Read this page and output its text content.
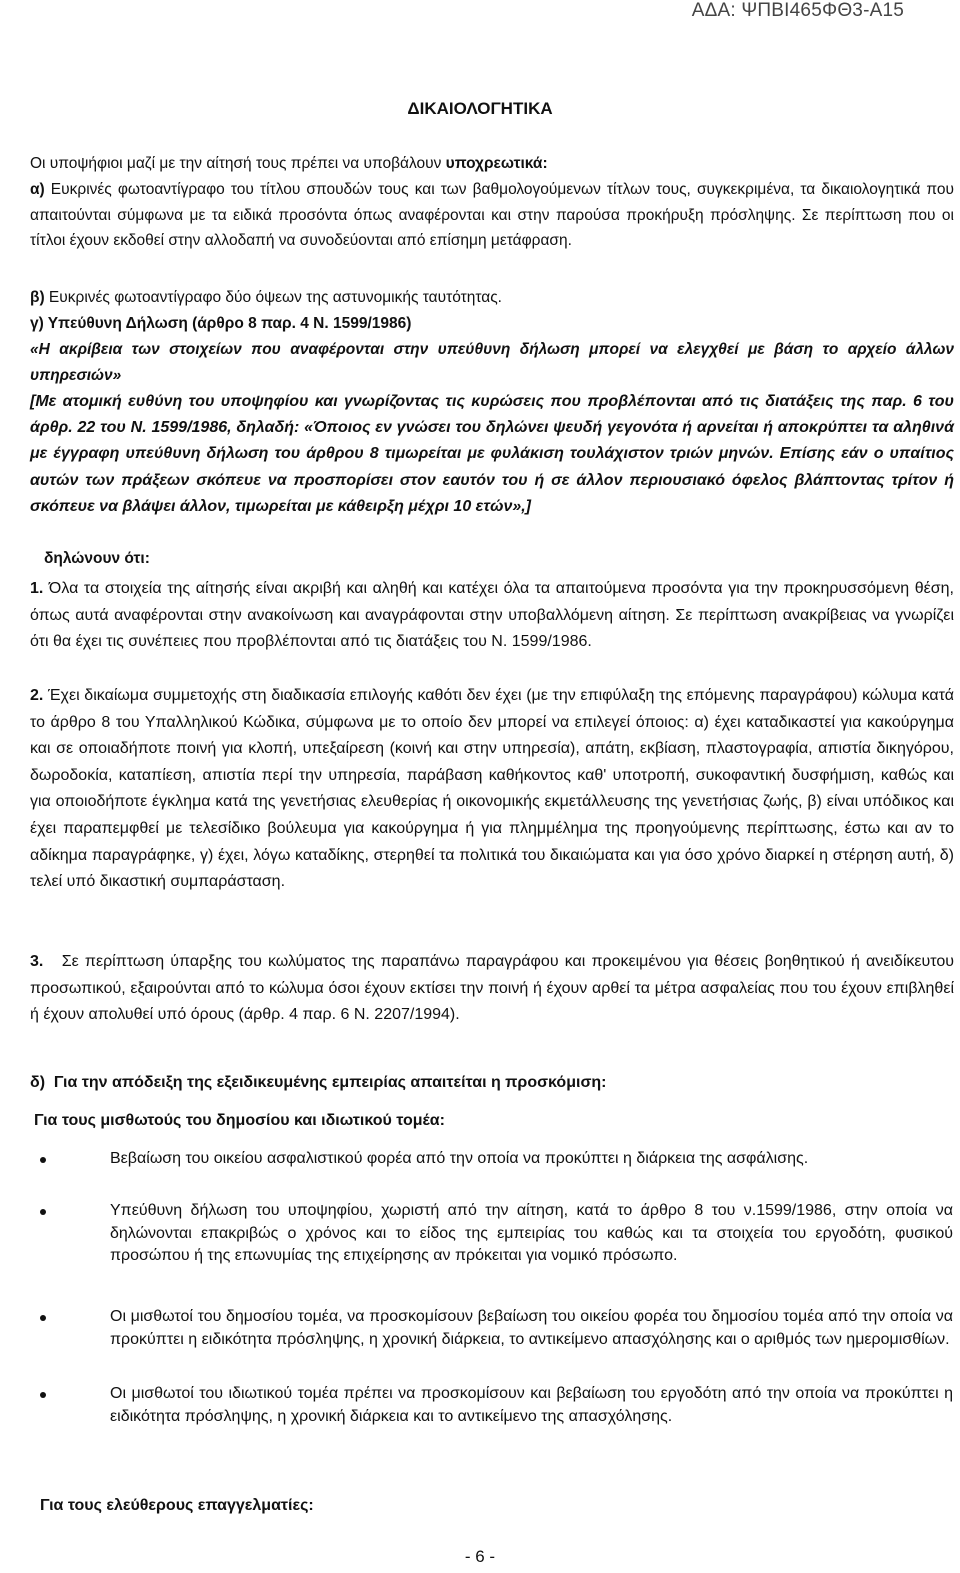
ΑΔΑ: ΨΠΒΙ465ΦΘ3-Α15
ΔΙΚΑΙΟΛΟΓΗΤΙΚΑ
Οι υποψήφιοι μαζί με την αίτησή τους πρέπει να υποβάλουν υποχρεωτικά:
α) Ευκρινές φωτοαντίγραφο του τίτλου σπουδών τους και των βαθμολογούμενων τίτλων τους, συγκεκριμένα, τα δικαιολογητικά που απαιτούνται σύμφωνα με τα ειδικά προσόντα όπως αναφέρονται και στην παρούσα προκήρυξη πρόσληψης. Σε περίπτωση που οι τίτλοι έχουν εκδοθεί στην αλλοδαπή να συνοδεύονται από επίσημη μετάφραση.
β) Ευκρινές φωτοαντίγραφο δύο όψεων της αστυνομικής ταυτότητας.
γ) Υπεύθυνη Δήλωση (άρθρο 8 παρ. 4 Ν. 1599/1986)
«Η ακρίβεια των στοιχείων που αναφέρονται στην υπεύθυνη δήλωση μπορεί να ελεγχθεί με βάση το αρχείο άλλων υπηρεσιών»
[Με ατομική ευθύνη του υποψηφίου και γνωρίζοντας τις κυρώσεις που προβλέπονται από τις διατάξεις της παρ. 6 του άρθρ. 22 του Ν. 1599/1986, δηλαδή: «Όποιος εν γνώσει του δηλώνει ψευδή γεγονότα ή αρνείται ή αποκρύπτει τα αληθινά με έγγραφη υπεύθυνη δήλωση του άρθρου 8 τιμωρείται με φυλάκιση τουλάχιστον τριών μηνών. Επίσης εάν ο υπαίτιος αυτών των πράξεων σκόπευε να προσπορίσει στον εαυτόν του ή σε άλλον περιουσιακό όφελος βλάπτοντας τρίτον ή σκόπευε να βλάψει άλλον, τιμωρείται με κάθειρξη μέχρι 10 ετών»,]
δηλώνουν ότι:
1. Όλα τα στοιχεία της αίτησής είναι ακριβή και αληθή και κατέχει όλα τα απαιτούμενα προσόντα για την προκηρυσσόμενη θέση, όπως αυτά αναφέρονται στην ανακοίνωση και αναγράφονται στην υποβαλλόμενη αίτηση. Σε περίπτωση ανακρίβειας να γνωρίζει ότι θα έχει τις συνέπειες που προβλέπονται από τις διατάξεις του Ν. 1599/1986.
2. Έχει δικαίωμα συμμετοχής στη διαδικασία επιλογής καθότι δεν έχει (με την επιφύλαξη της επόμενης παραγράφου) κώλυμα κατά το άρθρο 8 του Υπαλληλικού Κώδικα, σύμφωνα με το οποίο δεν μπορεί να επιλεγεί όποιος: α) έχει καταδικαστεί για κακούργημα και σε οποιαδήποτε ποινή για κλοπή, υπεξαίρεση (κοινή και στην υπηρεσία), απάτη, εκβίαση, πλαστογραφία, απιστία δικηγόρου, δωροδοκία, καταπίεση, απιστία περί την υπηρεσία, παράβαση καθήκοντος καθ' υποτροπή, συκοφαντική δυσφήμιση, καθώς και για οποιοδήποτε έγκλημα κατά της γενετήσιας ελευθερίας ή οικονομικής εκμετάλλευσης της γενετήσιας ζωής, β) είναι υπόδικος και έχει παραπεμφθεί με τελεσίδικο βούλευμα για κακούργημα ή για πλημμέλημα της προηγούμενης περίπτωσης, έστω και αν το αδίκημα παραγράφηκε, γ) έχει, λόγω καταδίκης, στερηθεί τα πολιτικά του δικαιώματα και για όσο χρόνο διαρκεί η στέρηση αυτή, δ) τελεί υπό δικαστική συμπαράσταση.
3.   Σε περίπτωση ύπαρξης του κωλύματος της παραπάνω παραγράφου και προκειμένου για θέσεις βοηθητικού ή ανειδίκευτου προσωπικού, εξαιρούνται από το κώλυμα όσοι έχουν εκτίσει την ποινή ή έχουν αρθεί τα μέτρα ασφαλείας που του έχουν επιβληθεί ή έχουν απολυθεί υπό όρους (άρθρ. 4 παρ. 6 Ν. 2207/1994).
δ)  Για την απόδειξη της εξειδικευμένης εμπειρίας απαιτείται η προσκόμιση:
Για τους μισθωτούς του δημοσίου και ιδιωτικού τομέα:
Βεβαίωση του οικείου ασφαλιστικού φορέα από την οποία να προκύπτει η διάρκεια της ασφάλισης.
Υπεύθυνη δήλωση του υποψηφίου, χωριστή από την αίτηση, κατά το άρθρο 8 του ν.1599/1986, στην οποία να δηλώνονται επακριβώς ο χρόνος και το είδος της εμπειρίας του καθώς και τα στοιχεία του εργοδότη, φυσικού προσώπου ή της επωνυμίας της επιχείρησης αν πρόκειται για νομικό πρόσωπο.
Οι μισθωτοί του δημοσίου τομέα, να προσκομίσουν βεβαίωση του οικείου φορέα του δημοσίου τομέα από την οποία να προκύπτει η ειδικότητα πρόσληψης, η χρονική διάρκεια, το αντικείμενο απασχόλησης και ο αριθμός των ημερομισθίων.
Οι μισθωτοί του ιδιωτικού τομέα πρέπει να προσκομίσουν και βεβαίωση του εργοδότη από την οποία να προκύπτει η ειδικότητα πρόσληψης, η χρονική διάρκεια και το αντικείμενο της απασχόλησης.
Για τους ελεύθερους επαγγελματίες:
- 6 -
